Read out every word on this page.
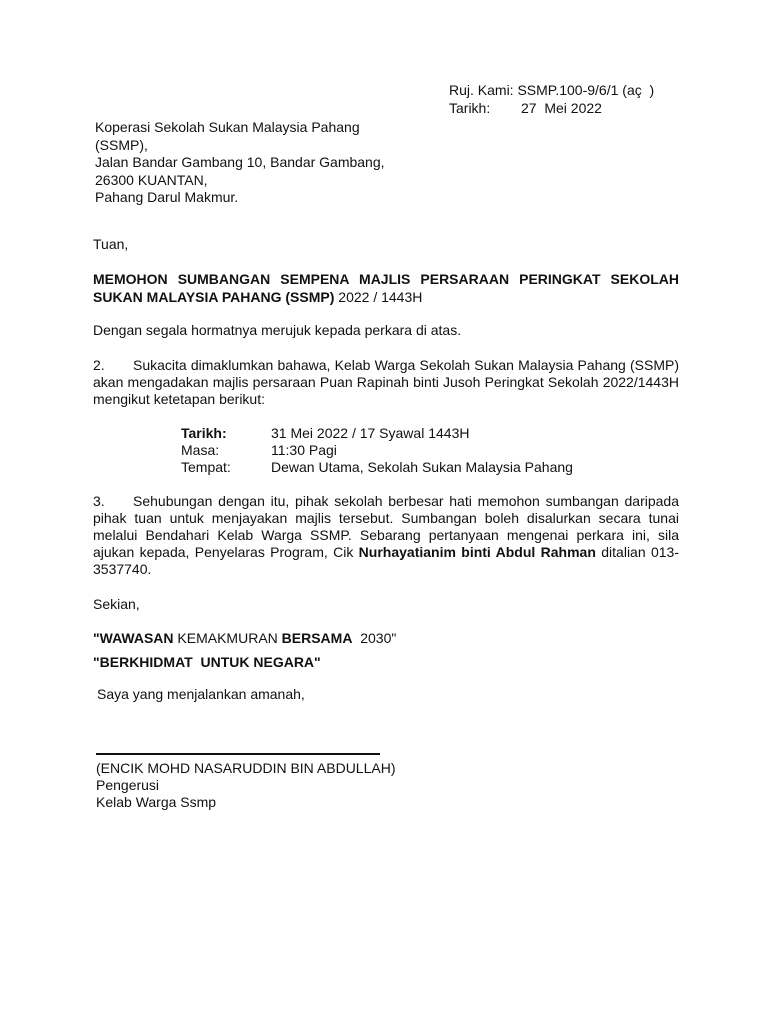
Ruj. Kami: SSMP.100-9/6/1 (aç  )
Tarikh: 27  Mei 2022
Koperasi Sekolah Sukan Malaysia Pahang
(SSMP),
Jalan Bandar Gambang 10, Bandar Gambang,
26300 KUANTAN,
Pahang Darul Makmur.
Tuan,
MEMOHON SUMBANGAN SEMPENA MAJLIS PERSARAAN PERINGKAT SEKOLAH SUKAN MALAYSIA PAHANG (SSMP) 2022 / 1443H
Dengan segala hormatnya merujuk kepada perkara di atas.
2. Sukacita dimaklumkan bahawa, Kelab Warga Sekolah Sukan Malaysia Pahang (SSMP) akan mengadakan majlis persaraan Puan Rapinah binti Jusoh Peringkat Sekolah 2022/1443H mengikut ketetapan berikut:
Tarikh:	31 Mei 2022 / 17 Syawal 1443H
Masa:	11:30 Pagi
Tempat:	Dewan Utama, Sekolah Sukan Malaysia Pahang
3. Sehubungan dengan itu, pihak sekolah berbesar hati memohon sumbangan daripada pihak tuan untuk menjayakan majlis tersebut. Sumbangan boleh disalurkan secara tunai melalui Bendahari Kelab Warga SSMP. Sebarang pertanyaan mengenai perkara ini, sila ajukan kepada, Penyelaras Program, Cik Nurhayatianim binti Abdul Rahman ditalian 013-3537740.
Sekian,
"WAWASAN KEMAKMURAN BERSAMA  2030"
"BERKHIDMAT  UNTUK NEGARA"
Saya yang menjalankan amanah,
(ENCIK MOHD NASARUDDIN BIN ABDULLAH)
Pengerusi
Kelab Warga Ssmp
